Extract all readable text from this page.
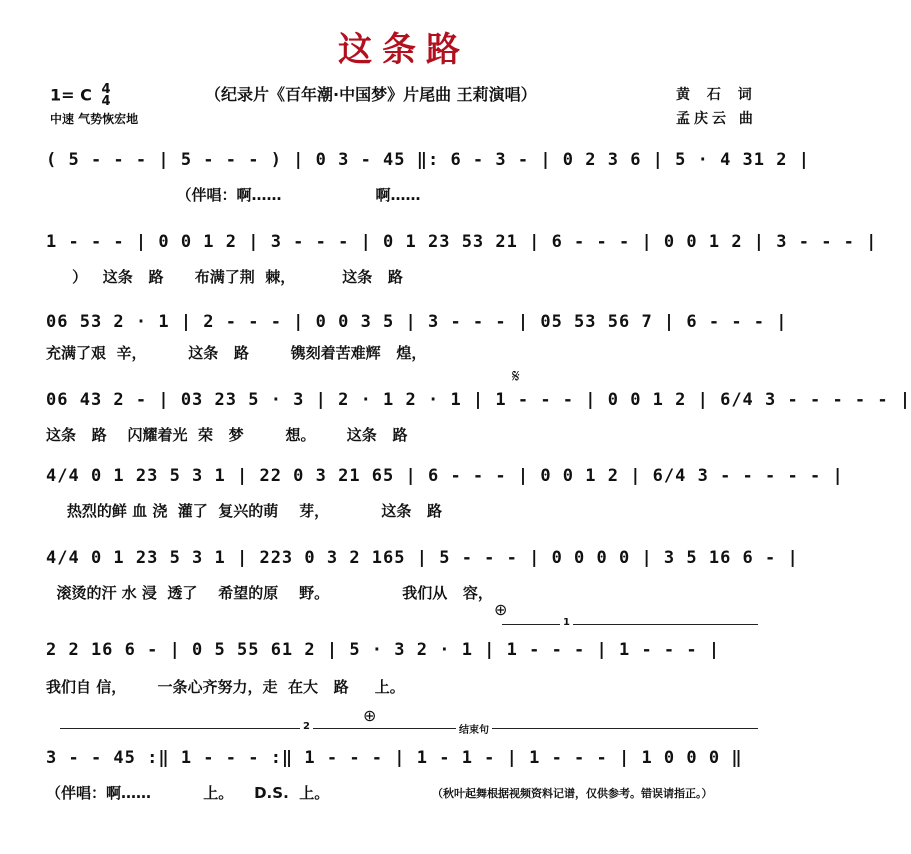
这条路
1= C 4
4	（纪录片《百年潮·中国梦》片尾曲 王莉演唱）
中速 气势恢宏地
黄 石 词
孟庆云 曲
( 5 - - - | 5 - - - ) | 0 3 - 45 ‖: 6 - 3 - | 0 2 3 6 | 5 · 4 31 2 |
（伴唱：啊……                  啊……
1 - - - | 0 0 1 2 | 3 - - - | 0 1 23 53 21 | 6 - - - | 0 0 1 2 | 3 - - - |
）   这条   路      布满了荆  棘，         这条   路
06 53 2 · 1 | 2 - - - | 0 0 3 5 | 3 - - - | 05 53 56 7 | 6 - - - |
充满了艰  辛，        这条   路        镌刻着苦难辉   煌，
𝄋
06 43 2 - | 03 23 5 · 3 | 2 · 1 2 · 1 | 1 - - - | 0 0 1 2 | 6/4 3 - - - - - |
这条   路    闪耀着光  荣   梦        想。      这条   路
4/4 0 1 23 5 3 1 | 22 0 3 21 65 | 6 - - - | 0 0 1 2 | 6/4 3 - - - - - |
热烈的鲜 血 浇  灌了  复兴的萌    芽，          这条   路
4/4 0 1 23 5 3 1 | 223 0 3 2 165 | 5 - - - | 0 0 0 0 | 3 5 16 6 - |
滚烫的汗 水 浸  透了    希望的原    野。              我们从   容，
⊕
1
2 2 16 6 - | 0 5 55 61 2 | 5 · 3 2 · 1 | 1 - - - | 1 - - - |
我们自 信，      一条心齐努力，走  在大   路     上。
⊕
2	结束句
3 - - 45 :‖ 1 - - - :‖ 1 - - - | 1 - 1 - | 1 - - - | 1 0 0 0 ‖
（伴唱：啊……          上。    D.S.  上。	（秋叶起舞根据视频资料记谱，仅供参考。错误请指正。）
